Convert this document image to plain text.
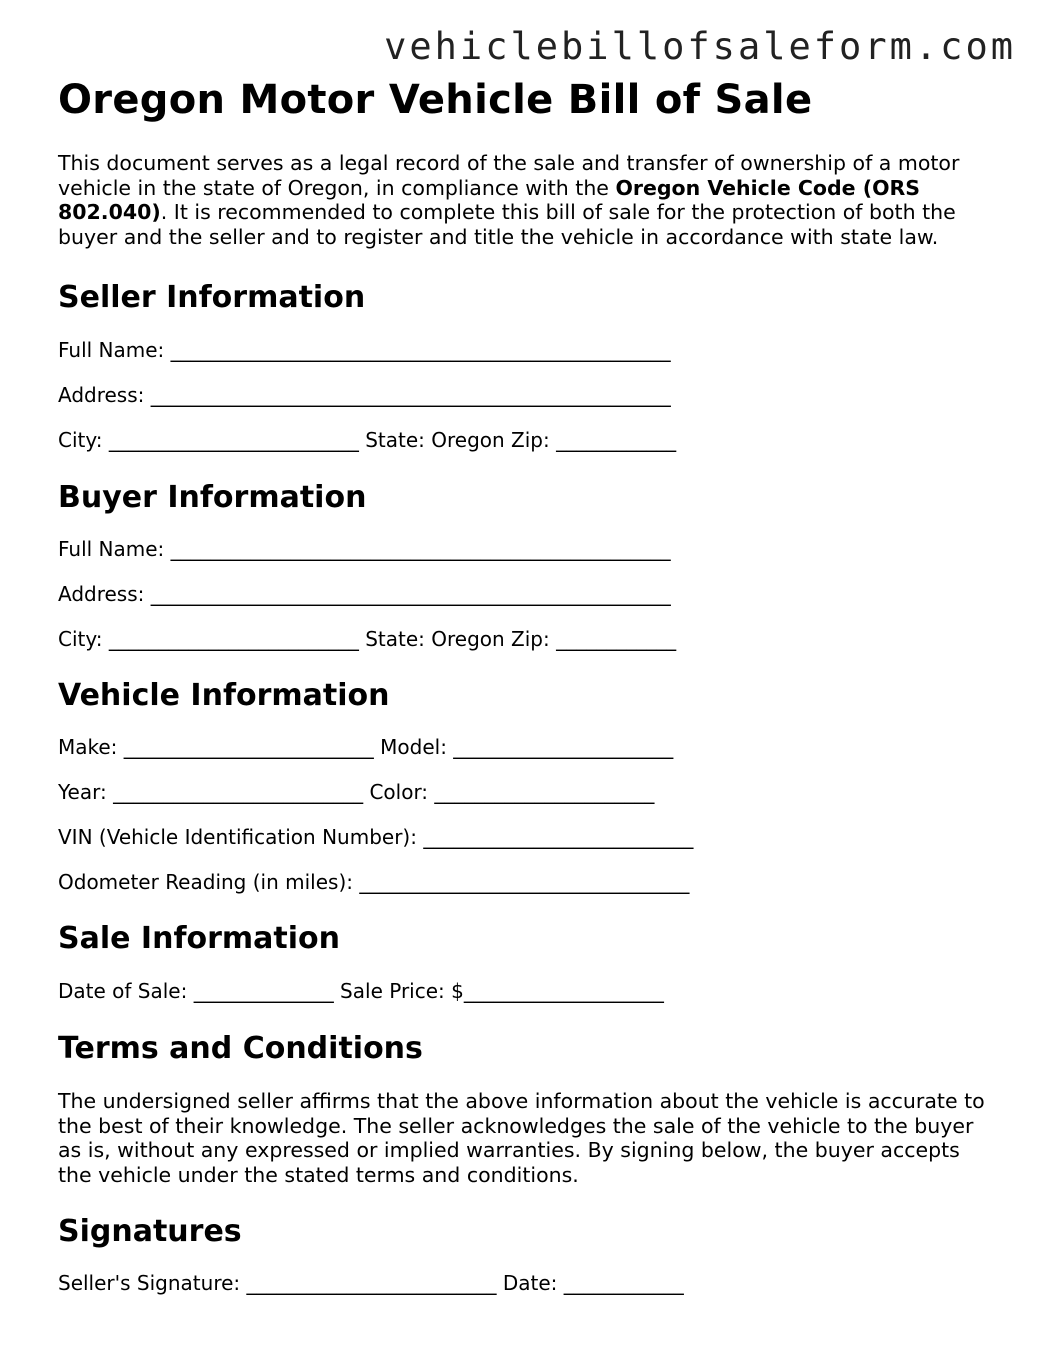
vehiclebillofsaleform.com
Oregon Motor Vehicle Bill of Sale

This document serves as a legal record of the sale and transfer of ownership of a motor vehicle in the state of Oregon, in compliance with the Oregon Vehicle Code (ORS 802.040). It is recommended to complete this bill of sale for the protection of both the buyer and the seller and to register and title the vehicle in accordance with state law.

Seller Information

Full Name: __________________________________________________

Address: ____________________________________________________

City: _________________________ State: Oregon Zip: ____________

Buyer Information

Full Name: __________________________________________________

Address: ____________________________________________________

City: _________________________ State: Oregon Zip: ____________

Vehicle Information

Make: _________________________ Model: ______________________

Year: _________________________ Color: ______________________

VIN (Vehicle Identification Number): ___________________________

Odometer Reading (in miles): _________________________________

Sale Information

Date of Sale: ______________ Sale Price: $____________________

Terms and Conditions

The undersigned seller affirms that the above information about the vehicle is accurate to the best of their knowledge. The seller acknowledges the sale of the vehicle to the buyer as is, without any expressed or implied warranties. By signing below, the buyer accepts the vehicle under the stated terms and conditions.

Signatures

Seller's Signature: _________________________ Date: ____________
